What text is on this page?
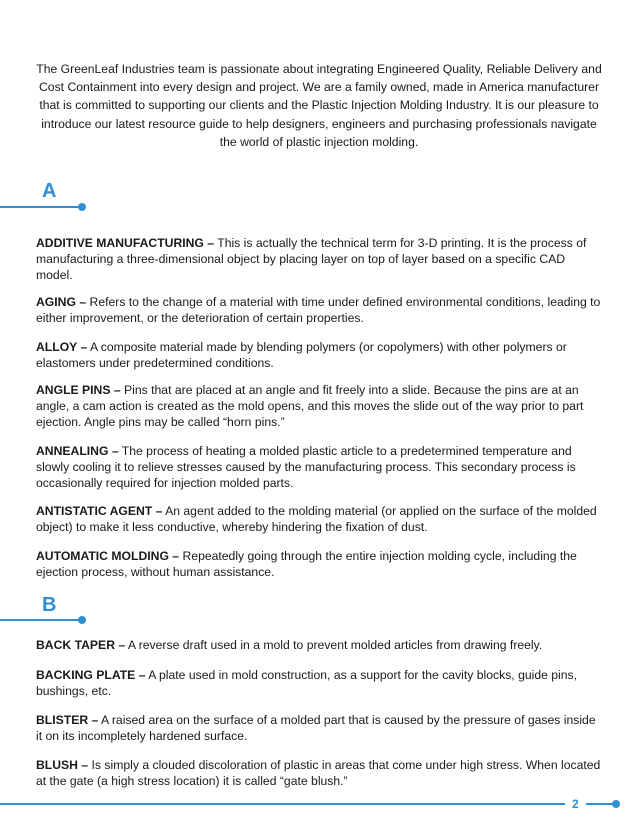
The GreenLeaf Industries team is passionate about integrating Engineered Quality, Reliable Delivery and Cost Containment into every design and project. We are a family owned, made in America manufacturer that is committed to supporting our clients and the Plastic Injection Molding Industry. It is our pleasure to introduce our latest resource guide to help designers, engineers and purchasing professionals navigate the world of plastic injection molding.
A
ADDITIVE MANUFACTURING – This is actually the technical term for 3-D printing. It is the process of manufacturing a three-dimensional object by placing layer on top of layer based on a specific CAD model.
AGING – Refers to the change of a material with time under defined environmental conditions, leading to either improvement, or the deterioration of certain properties.
ALLOY – A composite material made by blending polymers (or copolymers) with other polymers or elastomers under predetermined conditions.
ANGLE PINS – Pins that are placed at an angle and fit freely into a slide. Because the pins are at an angle, a cam action is created as the mold opens, and this moves the slide out of the way prior to part ejection. Angle pins may be called “horn pins.”
ANNEALING – The process of heating a molded plastic article to a predetermined temperature and slowly cooling it to relieve stresses caused by the manufacturing process. This secondary process is occasionally required for injection molded parts.
ANTISTATIC AGENT – An agent added to the molding material (or applied on the surface of the molded object) to make it less conductive, whereby hindering the fixation of dust.
AUTOMATIC MOLDING – Repeatedly going through the entire injection molding cycle, including the ejection process, without human assistance.
B
BACK TAPER – A reverse draft used in a mold to prevent molded articles from drawing freely.
BACKING PLATE – A plate used in mold construction, as a support for the cavity blocks, guide pins, bushings, etc.
BLISTER – A raised area on the surface of a molded part that is caused by the pressure of gases inside it on its incompletely hardened surface.
BLUSH – Is simply a clouded discoloration of plastic in areas that come under high stress. When located at the gate (a high stress location) it is called “gate blush.”
2
